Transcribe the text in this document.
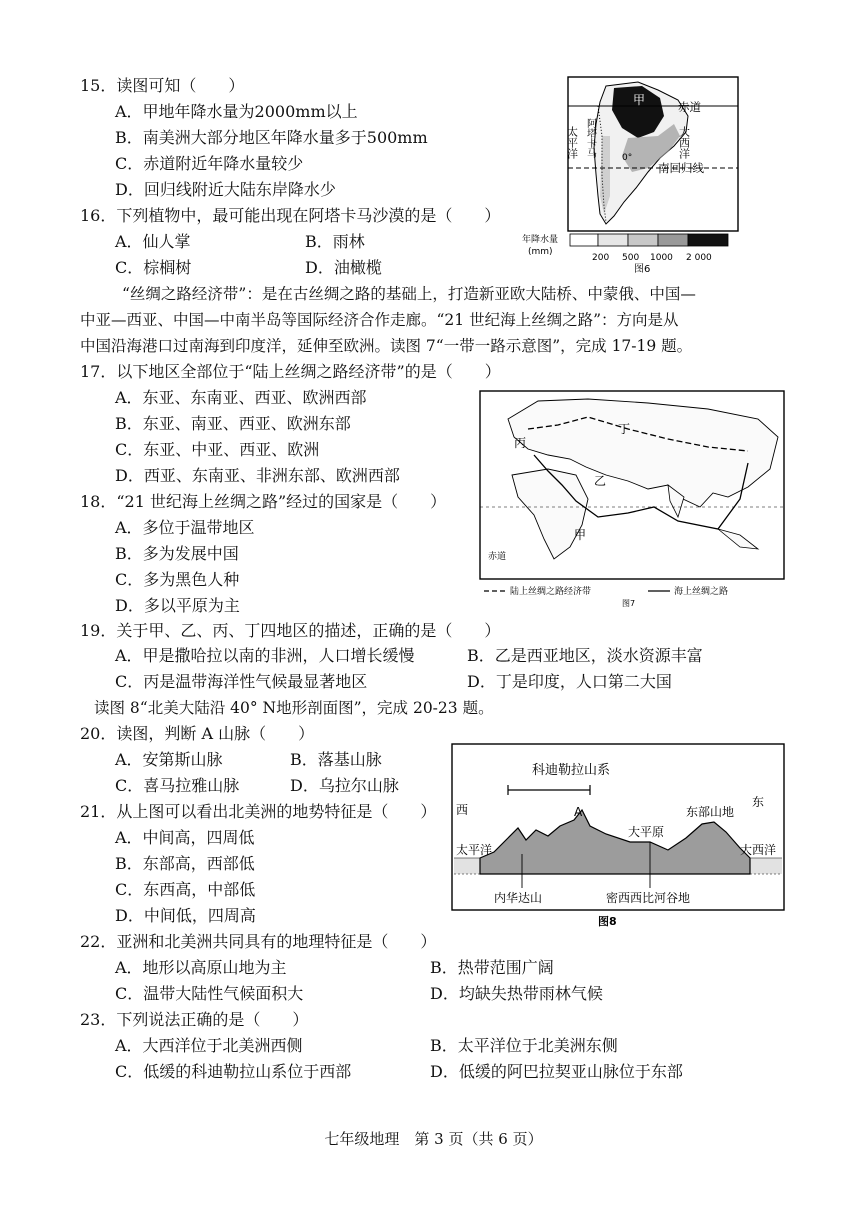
15．读图可知（　　）
A．甲地年降水量为2000mm以上
B．南美洲大部分地区年降水量多于500mm
C．赤道附近年降水量较少
D．回归线附近大陆东岸降水少
16．下列植物中，最可能出现在阿塔卡马沙漠的是（　　）
A．仙人掌	B．雨林
C．棕榈树	D．油橄榄
“丝绸之路经济带”：是在古丝绸之路的基础上，打造新亚欧大陆桥、中蒙俄、中国—
中亚—西亚、中国—中南半岛等国际经济合作走廊。“21 世纪海上丝绸之路”：方向是从
中国沿海港口过南海到印度洋，延伸至欧洲。读图 7“一带一路示意图”，完成 17-19 题。
17．以下地区全部位于“陆上丝绸之路经济带”的是（　　）
A．东亚、东南亚、西亚、欧洲西部
B．东亚、南亚、西亚、欧洲东部
C．东亚、中亚、西亚、欧洲
D．西亚、东南亚、非洲东部、欧洲西部
18．“21 世纪海上丝绸之路”经过的国家是（　　）
A．多位于温带地区
B．多为发展中国
C．多为黑色人种
D．多以平原为主
19．关于甲、乙、丙、丁四地区的描述，正确的是（　　）
A．甲是撒哈拉以南的非洲，人口增长缓慢	B．乙是西亚地区，淡水资源丰富
C．丙是温带海洋性气候最显著地区	D．丁是印度，人口第二大国
读图 8“北美大陆沿 40° N地形剖面图”，完成 20-23 题。
20．读图，判断 A 山脉（　　）
A．安第斯山脉	B．落基山脉
C．喜马拉雅山脉	D．乌拉尔山脉
21．从上图可以看出北美洲的地势特征是（　　）
A．中间高，四周低
B．东部高，西部低
C．东西高，中部低
D．中间低，四周高
22．亚洲和北美洲共同具有的地理特征是（　　）
A．地形以高原山地为主	B．热带范围广阔
C．温带大陆性气候面积大	D．均缺失热带雨林气候
23．下列说法正确的是（　　）
A．大西洋位于北美洲西侧	B．太平洋位于北美洲东侧
C．低缓的科迪勒拉山系位于西部	D．低缓的阿巴拉契亚山脉位于东部
赤道
南回归线
甲
0°
太平洋 阿塔卡马	大西洋
年降水量
(mm)
200 500 1000 2 000
图6
赤道
丁
丙
乙
甲
陆上丝绸之路经济带	海上丝绸之路
图7
科迪勒拉山系
西
东
A
大平原
东部山地
太平洋	大西洋
内华达山	密西西比河谷地
图8
七年级地理　第 3 页（共 6 页）
